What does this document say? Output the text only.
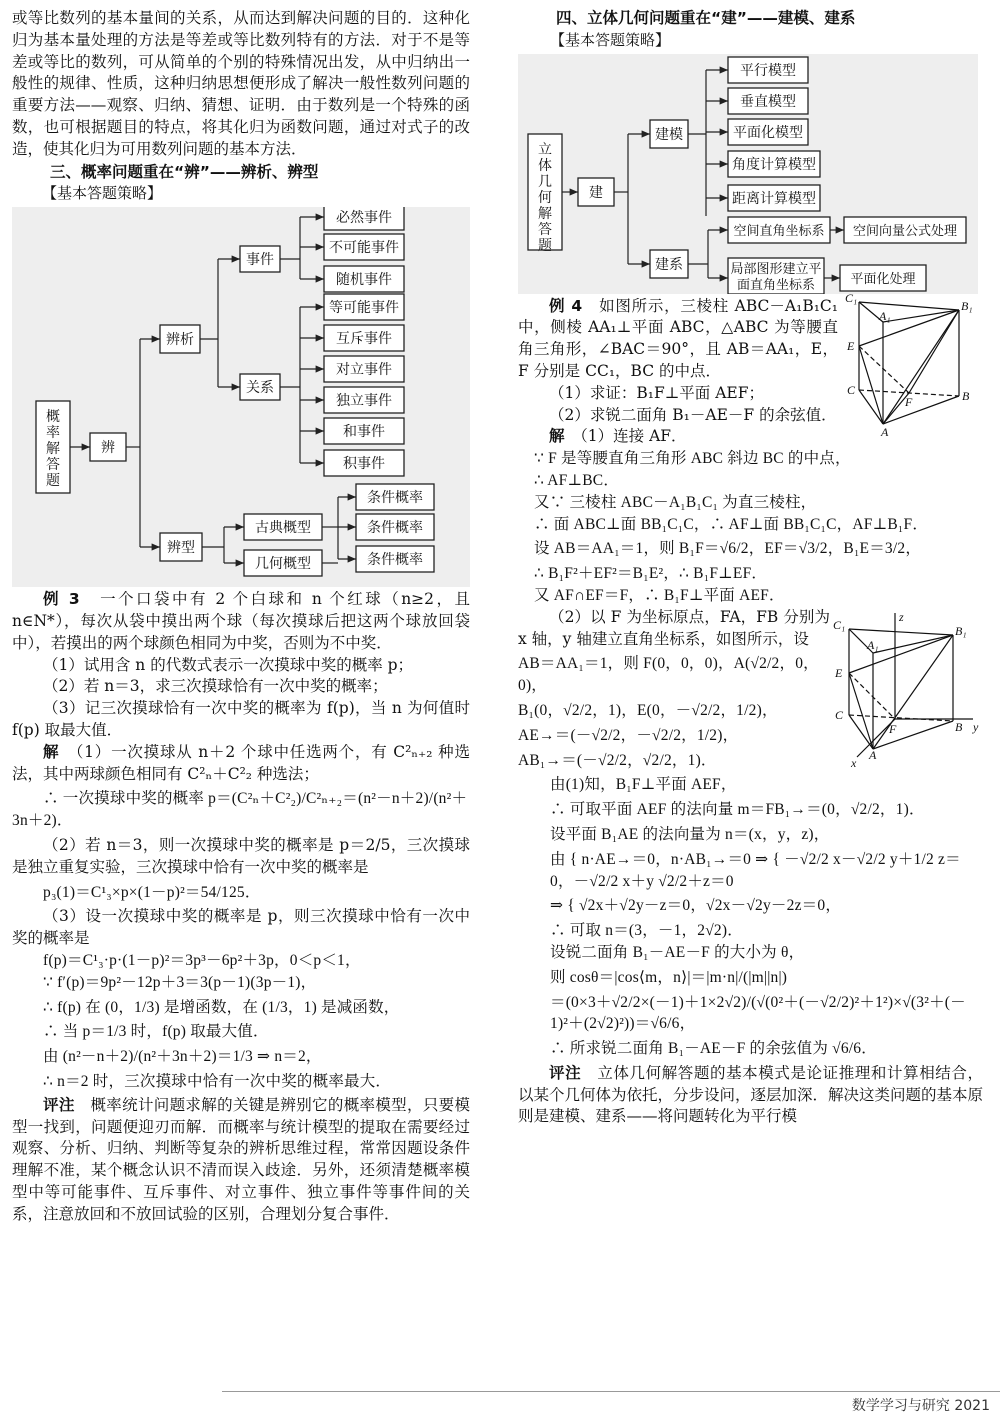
或等比数列的基本量间的关系，从而达到解决问题的目的．这种化归为基本量处理的方法是等差或等比数列特有的方法．对于不是等差或等比的数列，可从简单的个别的特殊情况出发，从中归纳出一般性的规律、性质，这种归纳思想便形成了解决一般性数列问题的重要方法——观察、归纳、猜想、证明．由于数列是一个特殊的函数，也可根据题目的特点，将其化归为函数问题，通过对式子的改造，使其化归为可用数列问题的基本方法．

三、概率问题重在“辨”——辨析、辨型

【基本答题策略】

概率解答题
辨
辨析
辨型
事件
关系
必然事件
不可能事件
随机事件
等可能事件
互斥事件
对立事件
独立事件
和事件
积事件
古典概型
几何概型
条件概率
条件概率
条件概率

例 3　 一个口袋中有 2 个白球和 n 个红球（n≥2，且 n∈N*），每次从袋中摸出两个球（每次摸球后把这两个球放回袋中），若摸出的两个球颜色相同为中奖，否则为不中奖．

（1）试用含 n 的代数式表示一次摸球中奖的概率 p；

（2）若 n＝3，求三次摸球恰有一次中奖的概率；

（3）记三次摸球恰有一次中奖的概率为 f(p)，当 n 为何值时 f(p) 取最大值．

解　 （1）一次摸球从 n＋2 个球中任选两个，有 C²ₙ₊₂ 种选法，其中两球颜色相同有 C²ₙ＋C²₂ 种选法；

∴ 一次摸球中奖的概率 p＝(C²ₙ＋C²₂)/C²ₙ₊₂＝(n²－n＋2)/(n²＋3n＋2)．

（2）若 n＝3，则一次摸球中奖的概率是 p＝2/5，三次摸球是独立重复实验，三次摸球中恰有一次中奖的概率是

p₃(1)＝C¹₃×p×(1－p)²＝54/125．

（3）设一次摸球中奖的概率是 p，则三次摸球中恰有一次中奖的概率是

f(p)＝C¹₃·p·(1－p)²＝3p³－6p²＋3p，0＜p＜1，

∵ f′(p)＝9p²－12p＋3＝3(p－1)(3p－1)，

∴ f(p) 在 (0，1/3) 是增函数，在 (1/3，1) 是减函数，

∴ 当 p＝1/3 时，f(p) 取最大值．

由 (n²－n＋2)/(n²＋3n＋2)＝1/3 ⇒ n＝2，

∴ n＝2 时，三次摸球中恰有一次中奖的概率最大．

评注　 概率统计问题求解的关键是辨别它的概率模型，只要模型一找到，问题便迎刃而解．而概率与统计模型的提取在需要经过观察、分析、归纳、判断等复杂的辨析思维过程，常常因题设条件理解不准，某个概念认识不清而误入歧途．另外，还须清楚概率模型中等可能事件、互斥事件、对立事件、独立事件等事件间的关系，注意放回和不放回试验的区别，合理划分复合事件．

四、立体几何问题重在“建”——建模、建系

【基本答题策略】

立体几何解答题
建
建模
建系
平行模型
垂直模型
平面化模型
角度计算模型
距离计算模型
空间直角坐标系 空间向量公式处理
局部图形建立平
面直角坐标系	平面化处理
C₁
A₁
B₁
E
C
F	B
A

例 4　 如图所示，三棱柱 ABC－A₁B₁C₁ 中，侧棱 AA₁⊥平面 ABC，△ABC 为等腰直角三角形，∠BAC＝90°，且 AB＝AA₁，E，F 分别是 CC₁，BC 的中点．

（1）求证：B₁F⊥平面 AEF；

（2）求锐二面角 B₁－AE－F 的余弦值．

解　 （1）连接 AF．

∵ F 是等腰直角三角形 ABC 斜边 BC 的中点，

∴ AF⊥BC．

又∵ 三棱柱 ABC－A₁B₁C₁ 为直三棱柱，

∴ 面 ABC⊥面 BB₁C₁C，∴ AF⊥面 BB₁C₁C，AF⊥B₁F．

设 AB＝AA₁＝1，则 B₁F＝√6/2，EF＝√3/2，B₁E＝3/2，

∴ B₁F²＋EF²＝B₁E²，∴ B₁F⊥EF．

又 AF∩EF＝F，∴ B₁F⊥平面 AEF．

C₁
A₁
B₁
E
C
F	B
A
z
y
x

（2）以 F 为坐标原点，FA，FB 分别为 x 轴，y 轴建立直角坐标系，如图所示，设

AB＝AA₁＝1，则 F(0，0，0)，A(√2/2，0，0)，

B₁(0，√2/2，1)，E(0，－√2/2，1/2)，

AE→＝(－√2/2，－√2/2，1/2)，

AB₁→＝(－√2/2，√2/2，1)．

由(1)知，B₁F⊥平面 AEF，

∴ 可取平面 AEF 的法向量 m＝FB₁→＝(0，√2/2，1)．

设平面 B₁AE 的法向量为 n＝(x，y，z)，

由 { n·AE→＝0，n·AB₁→＝0 ⇒ { －√2/2 x－√2/2 y＋1/2 z＝0，－√2/2 x＋y √2/2＋z＝0

⇒ { √2x＋√2y－z＝0，√2x－√2y－2z＝0，

∴ 可取 n＝(3，－1，2√2)．

设锐二面角 B₁－AE－F 的大小为 θ，

则 cosθ＝|cos⟨m，n⟩|＝|m·n|/(|m||n|)

＝(0×3＋√2/2×(－1)＋1×2√2)/(√(0²＋(－√2/2)²＋1²)×√(3²＋(－1)²＋(2√2)²))＝√6/6，

∴ 所求锐二面角 B₁－AE－F 的余弦值为 √6/6．

评注　 立体几何解答题的基本模式是论证推理和计算相结合，以某个几何体为依托，分步设问，逐层加深．解决这类问题的基本原则是建模、建系——将问题转化为平行模

数学学习与研究 2021
